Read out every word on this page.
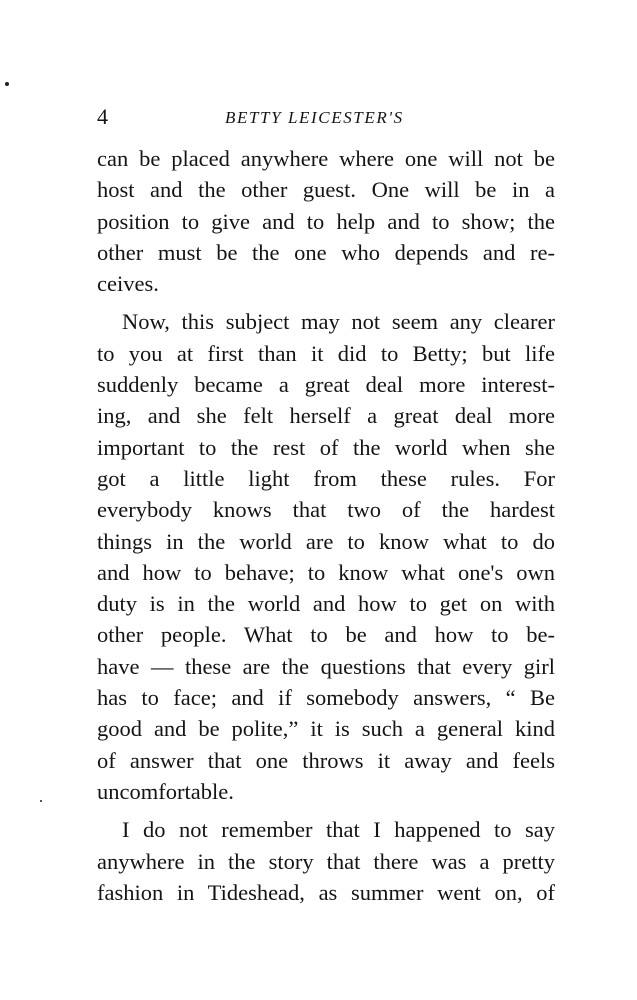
4	BETTY LEICESTER'S
can be placed anywhere where one will not be
host and the other guest. One will be in a
position to give and to help and to show; the
other must be the one who depends and re-
ceives.
Now, this subject may not seem any clearer
to you at first than it did to Betty; but life
suddenly became a great deal more interest-
ing, and she felt herself a great deal more
important to the rest of the world when she
got a little light from these rules. For
everybody knows that two of the hardest
things in the world are to know what to do
and how to behave; to know what one's own
duty is in the world and how to get on with
other people. What to be and how to be-
have — these are the questions that every girl
has to face; and if somebody answers, “ Be
good and be polite,” it is such a general kind
of answer that one throws it away and feels
uncomfortable.
I do not remember that I happened to say
anywhere in the story that there was a pretty
fashion in Tideshead, as summer went on, of
